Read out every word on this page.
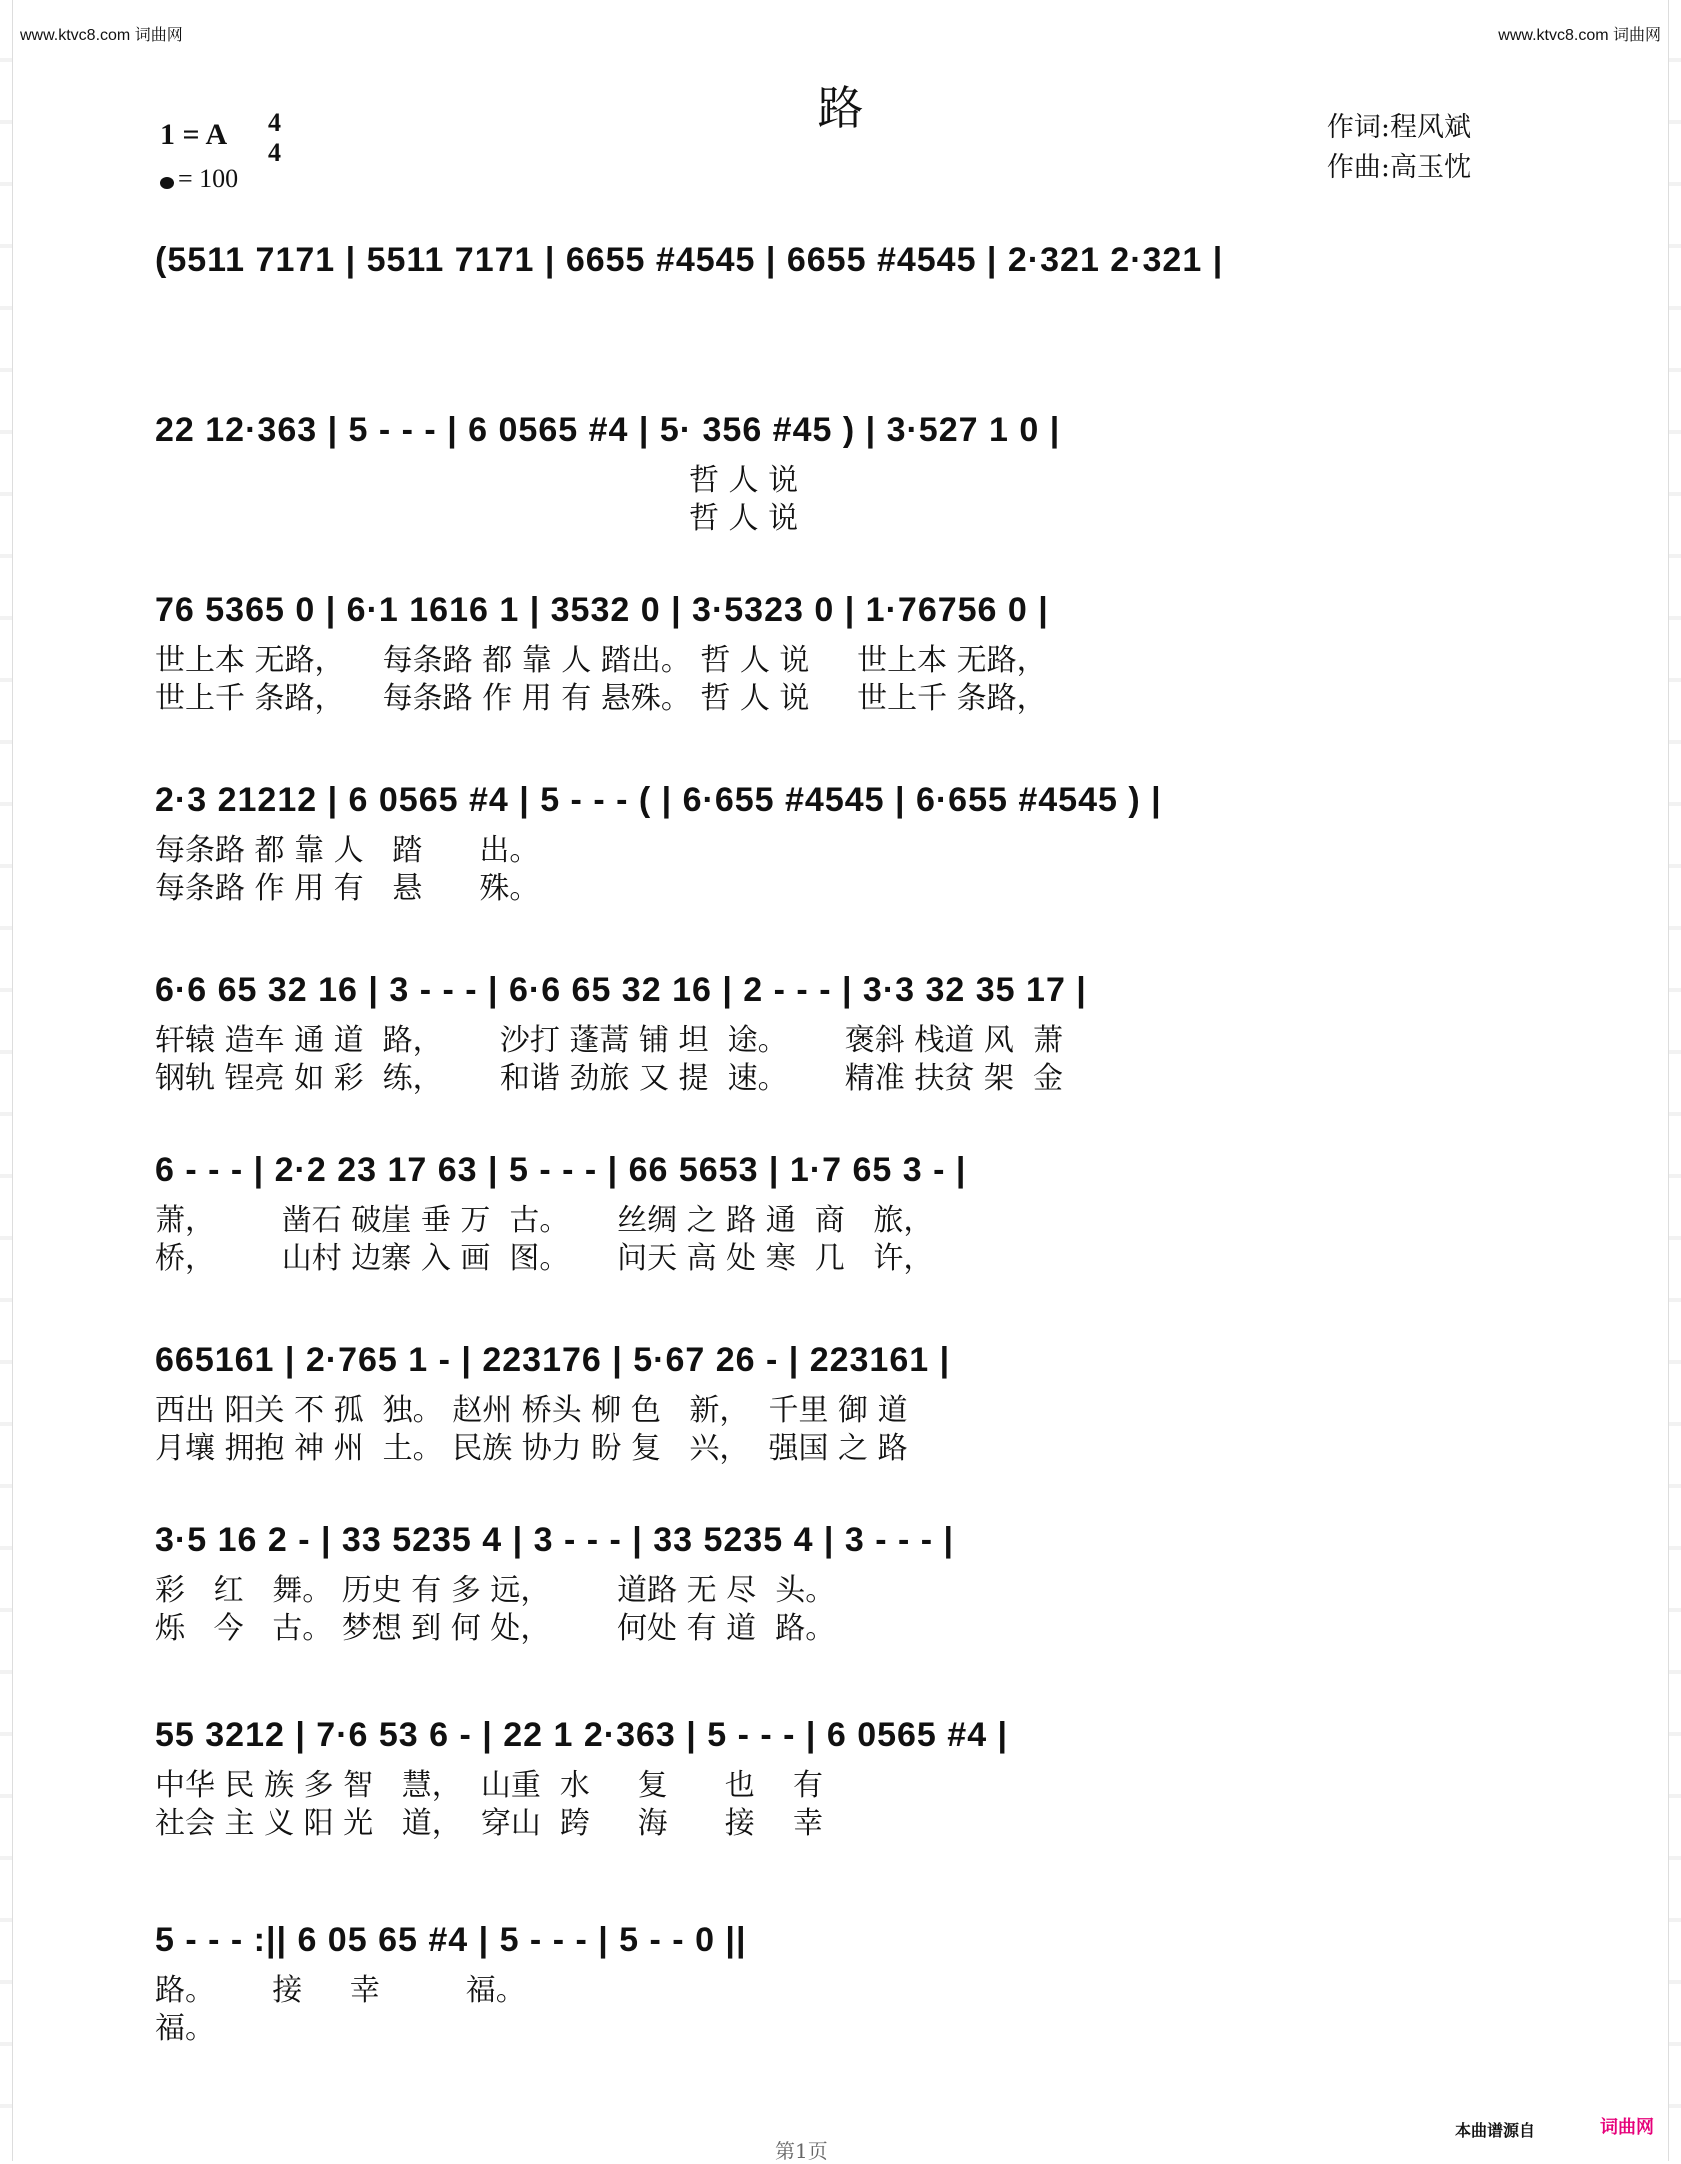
www.ktvc8.com 词曲网	www.ktvc8.com 词曲网
路
1 = A 4
4
= 100
作词:程风斌
作曲:高玉忱
(5511 7171 | 5511 7171 | 6655 #4545 | 6655 #4545 | 2·321 2·321 |
22 12·363 | 5 - - - | 6 0565 #4 | 5· 356 #45 ) | 3·527 1 0 |
哲 人 说
哲 人 说
76 5365 0 | 6·1 1616 1 | 3532 0 | 3·5323 0 | 1·76756 0 |
世上本 无路，    每条路 都 靠 人 踏出。 哲 人 说     世上本 无路，
世上千 条路，    每条路 作 用 有 悬殊。 哲 人 说     世上千 条路，
2·3 21212 | 6 0565 #4 | 5 - - - ( | 6·655 #4545 | 6·655 #4545 ) |
每条路 都 靠 人   踏      出。
每条路 作 用 有   悬      殊。
6·6 65 32 16 | 3 - - - | 6·6 65 32 16 | 2 - - - | 3·3 32 35 17 |
轩辕 造车 通 道  路，      沙打 蓬蒿 铺 坦  途。      褒斜 栈道 风  萧
钢轨 锃亮 如 彩  练，      和谐 劲旅 又 提  速。      精准 扶贫 架  金
6 - - - | 2·2 23 17 63 | 5 - - - | 66 5653 | 1·7 65 3 - |
萧，       凿石 破崖 垂 万  古。     丝绸 之 路 通  商   旅，
桥，       山村 边寨 入 画  图。     问天 高 处 寒  几   许，
665161 | 2·765 1 - | 223176 | 5·67 26 - | 223161 |
西出 阳关 不 孤  独。 赵州 桥头 柳 色   新，  千里 御 道
月壤 拥抱 神 州  土。 民族 协力 盼 复   兴，  强国 之 路
3·5 16 2 - | 33 5235 4 | 3 - - - | 33 5235 4 | 3 - - - |
彩   红   舞。 历史 有 多 远，       道路 无 尽  头。
烁   今   古。 梦想 到 何 处，       何处 有 道  路。
55 3212 | 7·6 53 6 - | 22 1 2·363 | 5 - - - | 6 0565 #4 |
中华 民 族 多 智   慧，  山重  水     复      也    有
社会 主 义 阳 光   道，  穿山  跨     海      接    幸
5 - - - :|| 6 05 65 #4 | 5 - - - | 5 - - 0 ||
路。      接     幸         福。
福。
本曲谱源自	词曲网
第1页
